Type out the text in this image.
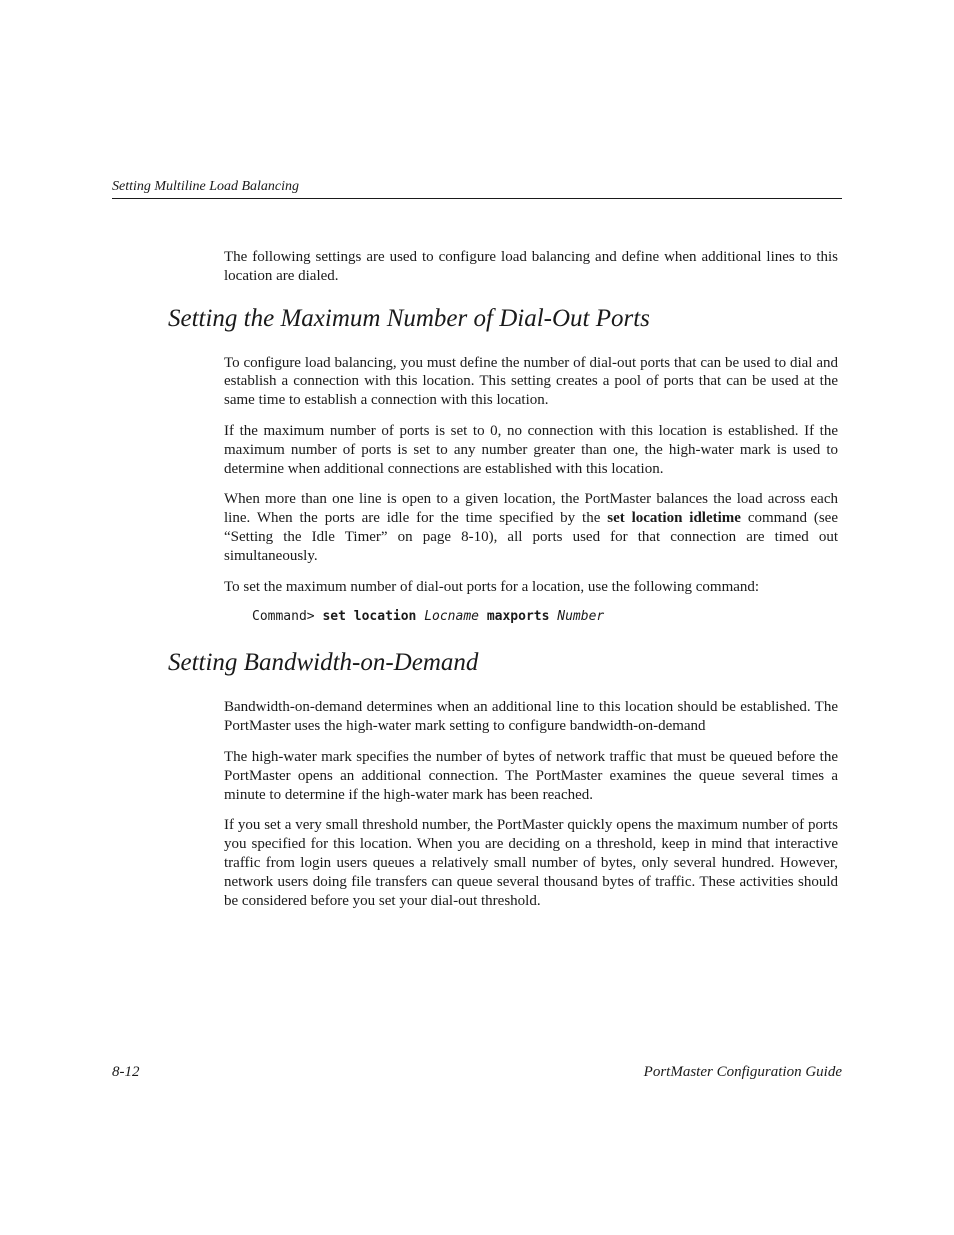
Setting Multiline Load Balancing

The following settings are used to configure load balancing and define when additional lines to this location are dialed.

Setting the Maximum Number of Dial-Out Ports

To configure load balancing, you must define the number of dial-out ports that can be used to dial and establish a connection with this location. This setting creates a pool of ports that can be used at the same time to establish a connection with this location.

If the maximum number of ports is set to 0, no connection with this location is established. If the maximum number of ports is set to any number greater than one, the high-water mark is used to determine when additional connections are established with this location.

When more than one line is open to a given location, the PortMaster balances the load across each line. When the ports are idle for the time specified by the set location idletime command (see “Setting the Idle Timer” on page 8-10), all ports used for that connection are timed out simultaneously.

To set the maximum number of dial-out ports for a location, use the following command:

Command> set location Locname maxports Number
Setting Bandwidth-on-Demand

Bandwidth-on-demand determines when an additional line to this location should be established. The PortMaster uses the high-water mark setting to configure bandwidth-on-demand

The high-water mark specifies the number of bytes of network traffic that must be queued before the PortMaster opens an additional connection. The PortMaster examines the queue several times a minute to determine if the high-water mark has been reached.

If you set a very small threshold number, the PortMaster quickly opens the maximum number of ports you specified for this location. When you are deciding on a threshold, keep in mind that interactive traffic from login users queues a relatively small number of bytes, only several hundred. However, network users doing file transfers can queue several thousand bytes of traffic. These activities should be considered before you set your dial-out threshold.

8-12	PortMaster Configuration Guide
